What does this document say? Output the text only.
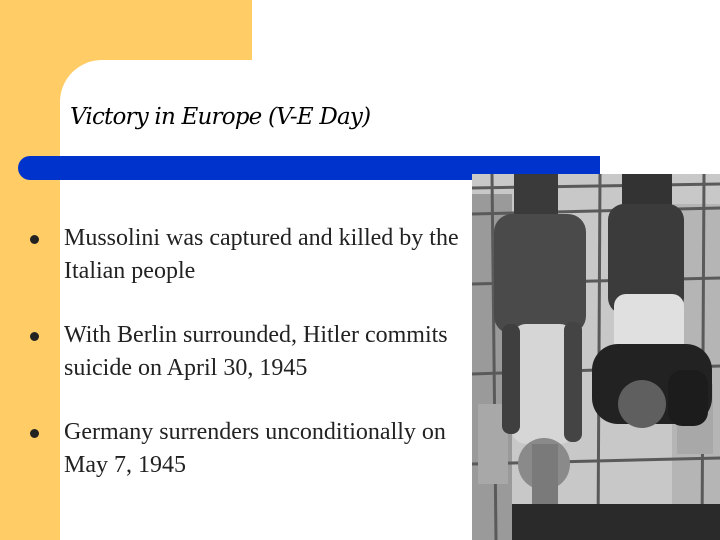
Victory in Europe (V-E Day)
Mussolini was captured and killed by the Italian people
With Berlin surrounded, Hitler commits suicide on April 30, 1945
Germany surrenders unconditionally on May 7, 1945
